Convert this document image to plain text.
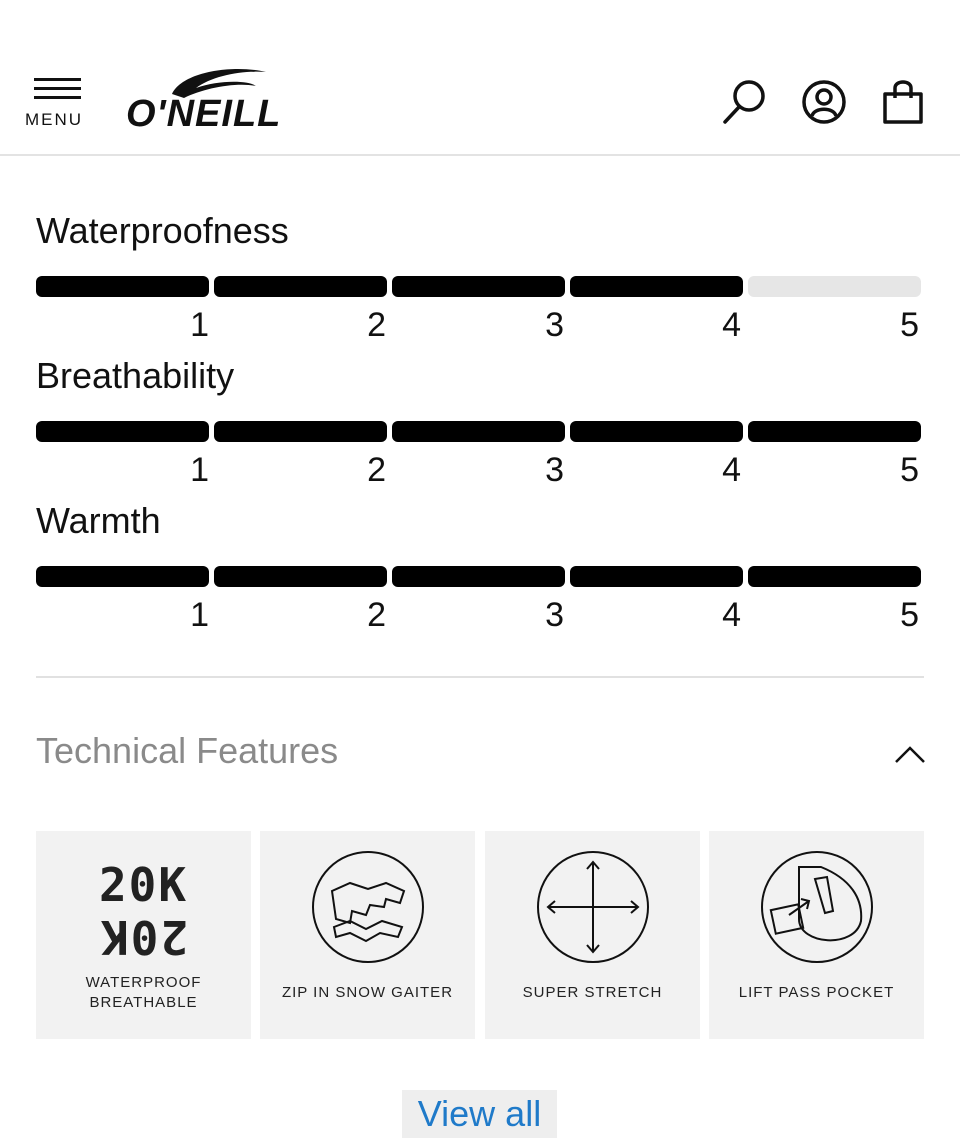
MENU O'NEILL
Waterproofness
1	2	3	4	5
Breathability
1	2	3	4	5
Warmth
1	2	3	4	5
Technical Features
20K
20K
WATERPROOF
BREATHABLE
ZIP IN SNOW GAITER	SUPER STRETCH	LIFT PASS POCKET
View all
